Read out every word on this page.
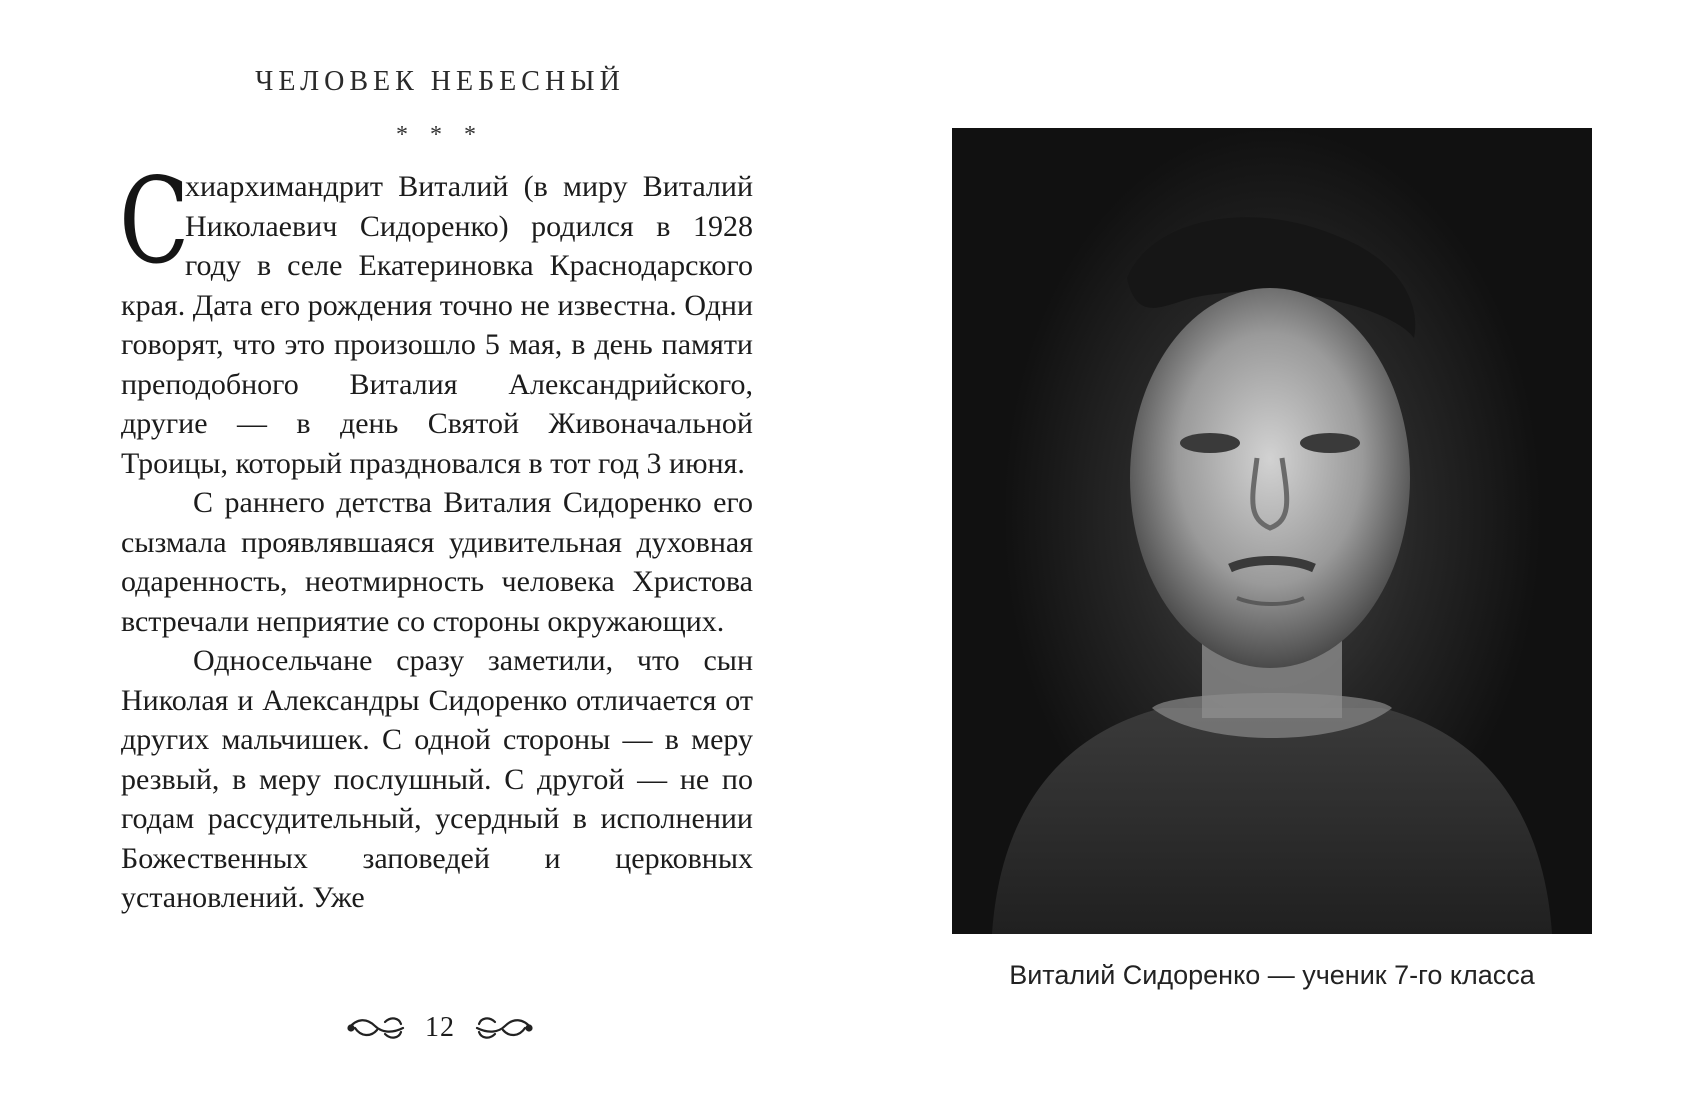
ЧЕЛОВЕК НЕБЕСНЫЙ
* * *

С
хиархимандрит Виталий (в миру Виталий Николаевич Сидоренко) родился в 1928 году в селе Екатериновка Краснодарского края. Дата его рождения точно не известна. Одни говорят, что это произошло 5 мая, в день памяти преподобного Виталия Александрийского, другие — в день Святой Живоначальной Троицы, который праздновался в тот год 3 июня.

С раннего детства Виталия Сидоренко его сызмала проявлявшаяся удивительная духовная одаренность, неотмирность человека Христова встречали неприятие со стороны окружающих.

Односельчане сразу заметили, что сын Николая и Александры Сидоренко отличается от других мальчишек. С одной стороны — в меру резвый, в меру послушный. С другой — не по годам рассудительный, усердный в исполнении Божественных заповедей и церковных установлений. Уже

12
Виталий Сидоренко — ученик 7-го класса
